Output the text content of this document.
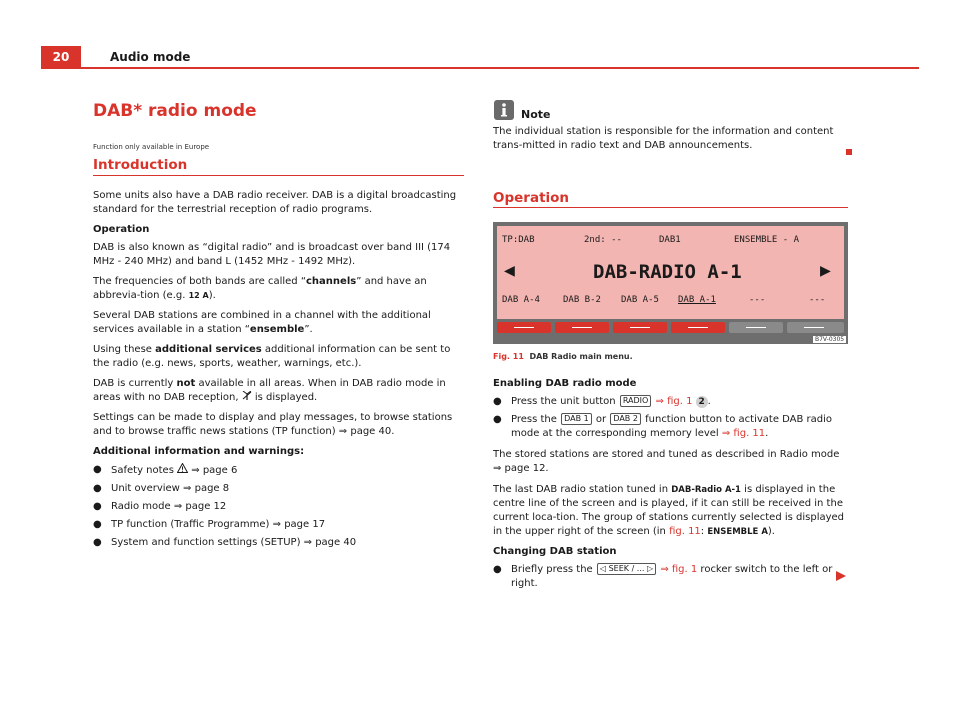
20	Audio mode
DAB* radio mode
Function only available in Europe
Introduction

Some units also have a DAB radio receiver. DAB is a digital broadcasting standard for the terrestrial reception of radio programs.

Operation

DAB is also known as “digital radio” and is broadcast over band III (174 MHz - 240 MHz) and band L (1452 MHz - 1492 MHz).

The frequencies of both bands are called “channels” and have an abbrevia-tion (e.g. 12 A).

Several DAB stations are combined in a channel with the additional services available in a station “ensemble”.

Using these additional services additional information can be sent to the radio (e.g. news, sports, weather, warnings, etc.).

DAB is currently not available in all areas. When in DAB radio mode in areas with no DAB reception,  is displayed.

Settings can be made to display and play messages, to browse stations and to browse traffic news stations (TP function) ⇒ page 40.

Additional information and warnings:

● Safety notes  ⇒ page 6
● Unit overview ⇒ page 8
● Radio mode ⇒ page 12
● TP function (Traffic Programme) ⇒ page 17
● System and function settings (SETUP) ⇒ page 40
Note
The individual station is responsible for the information and content trans-mitted in radio text and DAB announcements.
Operation
TP:DAB	2nd: --	DAB1	ENSEMBLE - A
◀	DAB-RADIO A-1	▶
DAB A-4	DAB B-2 DAB A-5 DAB A-1	---	---
B7V-0305
Fig. 11 DAB Radio main menu.

Enabling DAB radio mode

● Press the unit button RADIO ⇒ fig. 1 2 .
● Press the DAB 1 or DAB 2 function button to activate DAB radio mode at the corresponding memory level ⇒ fig. 11.

The stored stations are stored and tuned as described in Radio mode ⇒ page 12.

The last DAB radio station tuned in DAB-Radio A-1 is displayed in the centre line of the screen and is played, if it can still be received in the current loca-tion. The group of stations currently selected is displayed in the upper right of the screen (in fig. 11: ENSEMBLE A).

Changing DAB station

● Briefly press the ◁ SEEK / ... ▷ ⇒ fig. 1 rocker switch to the left or right.
